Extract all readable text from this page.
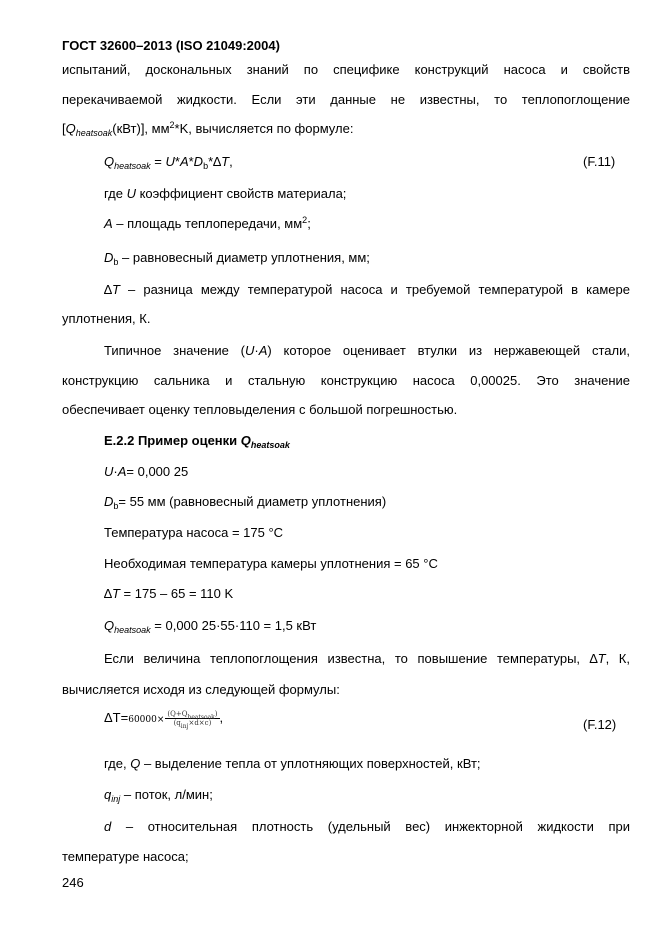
ГОСТ 32600–2013 (ISO 21049:2004)
испытаний, доскональных знаний по специфике конструкций насоса и свойств
перекачиваемой жидкости. Если эти данные не известны, то теплопоглощение
$[Q_{heatsoak}(кВт)]$, $мм^2*K$, вычисляется по формуле:
$Q_{heatsoak} = U*A*D_b*\Delta T$,	(F.11)
где U коэффициент свойств материала;
A – площадь теплопередачи, $мм^2$;
$D_b$ – равновесный диаметр уплотнения, мм;
∆T – разница между температурой насоса и требуемой температурой в камере
уплотнения, К.
Типичное значение (U·A) которое оценивает втулки из нержавеющей стали,
конструкцию сальника и стальную конструкцию насоса 0,00025. Это значение
обеспечивает оценку тепловыделения с большой погрешностью.
Е.2.2 Пример оценки $Q_{heatsoak}$
U·A= 0,000 25
$D_b= 55$ мм (равновесный диаметр уплотнения)
Температура насоса = 175 °C
Необходимая температура камеры уплотнения = 65 °C
∆T = 175 – 65 = 110 K
$Q_{heatsoak} = 0,000$ 25·55·110 = 1,5 кВт
Если величина теплопоглощения известна, то повышение температуры, ∆T, К,
вычисляется исходя из следующей формулы:
$\Delta T=60000\times \frac{(Q+Q_{heatsoak})}{(q_{inj}\times d\times c)}$ ,	(F.12)
где, Q – выделение тепла от уплотняющих поверхностей, кВт;
$q_{inj}$ – поток, л/мин;
d – относительная плотность (удельный вес) инжекторной жидкости при
температуре насоса;
246
